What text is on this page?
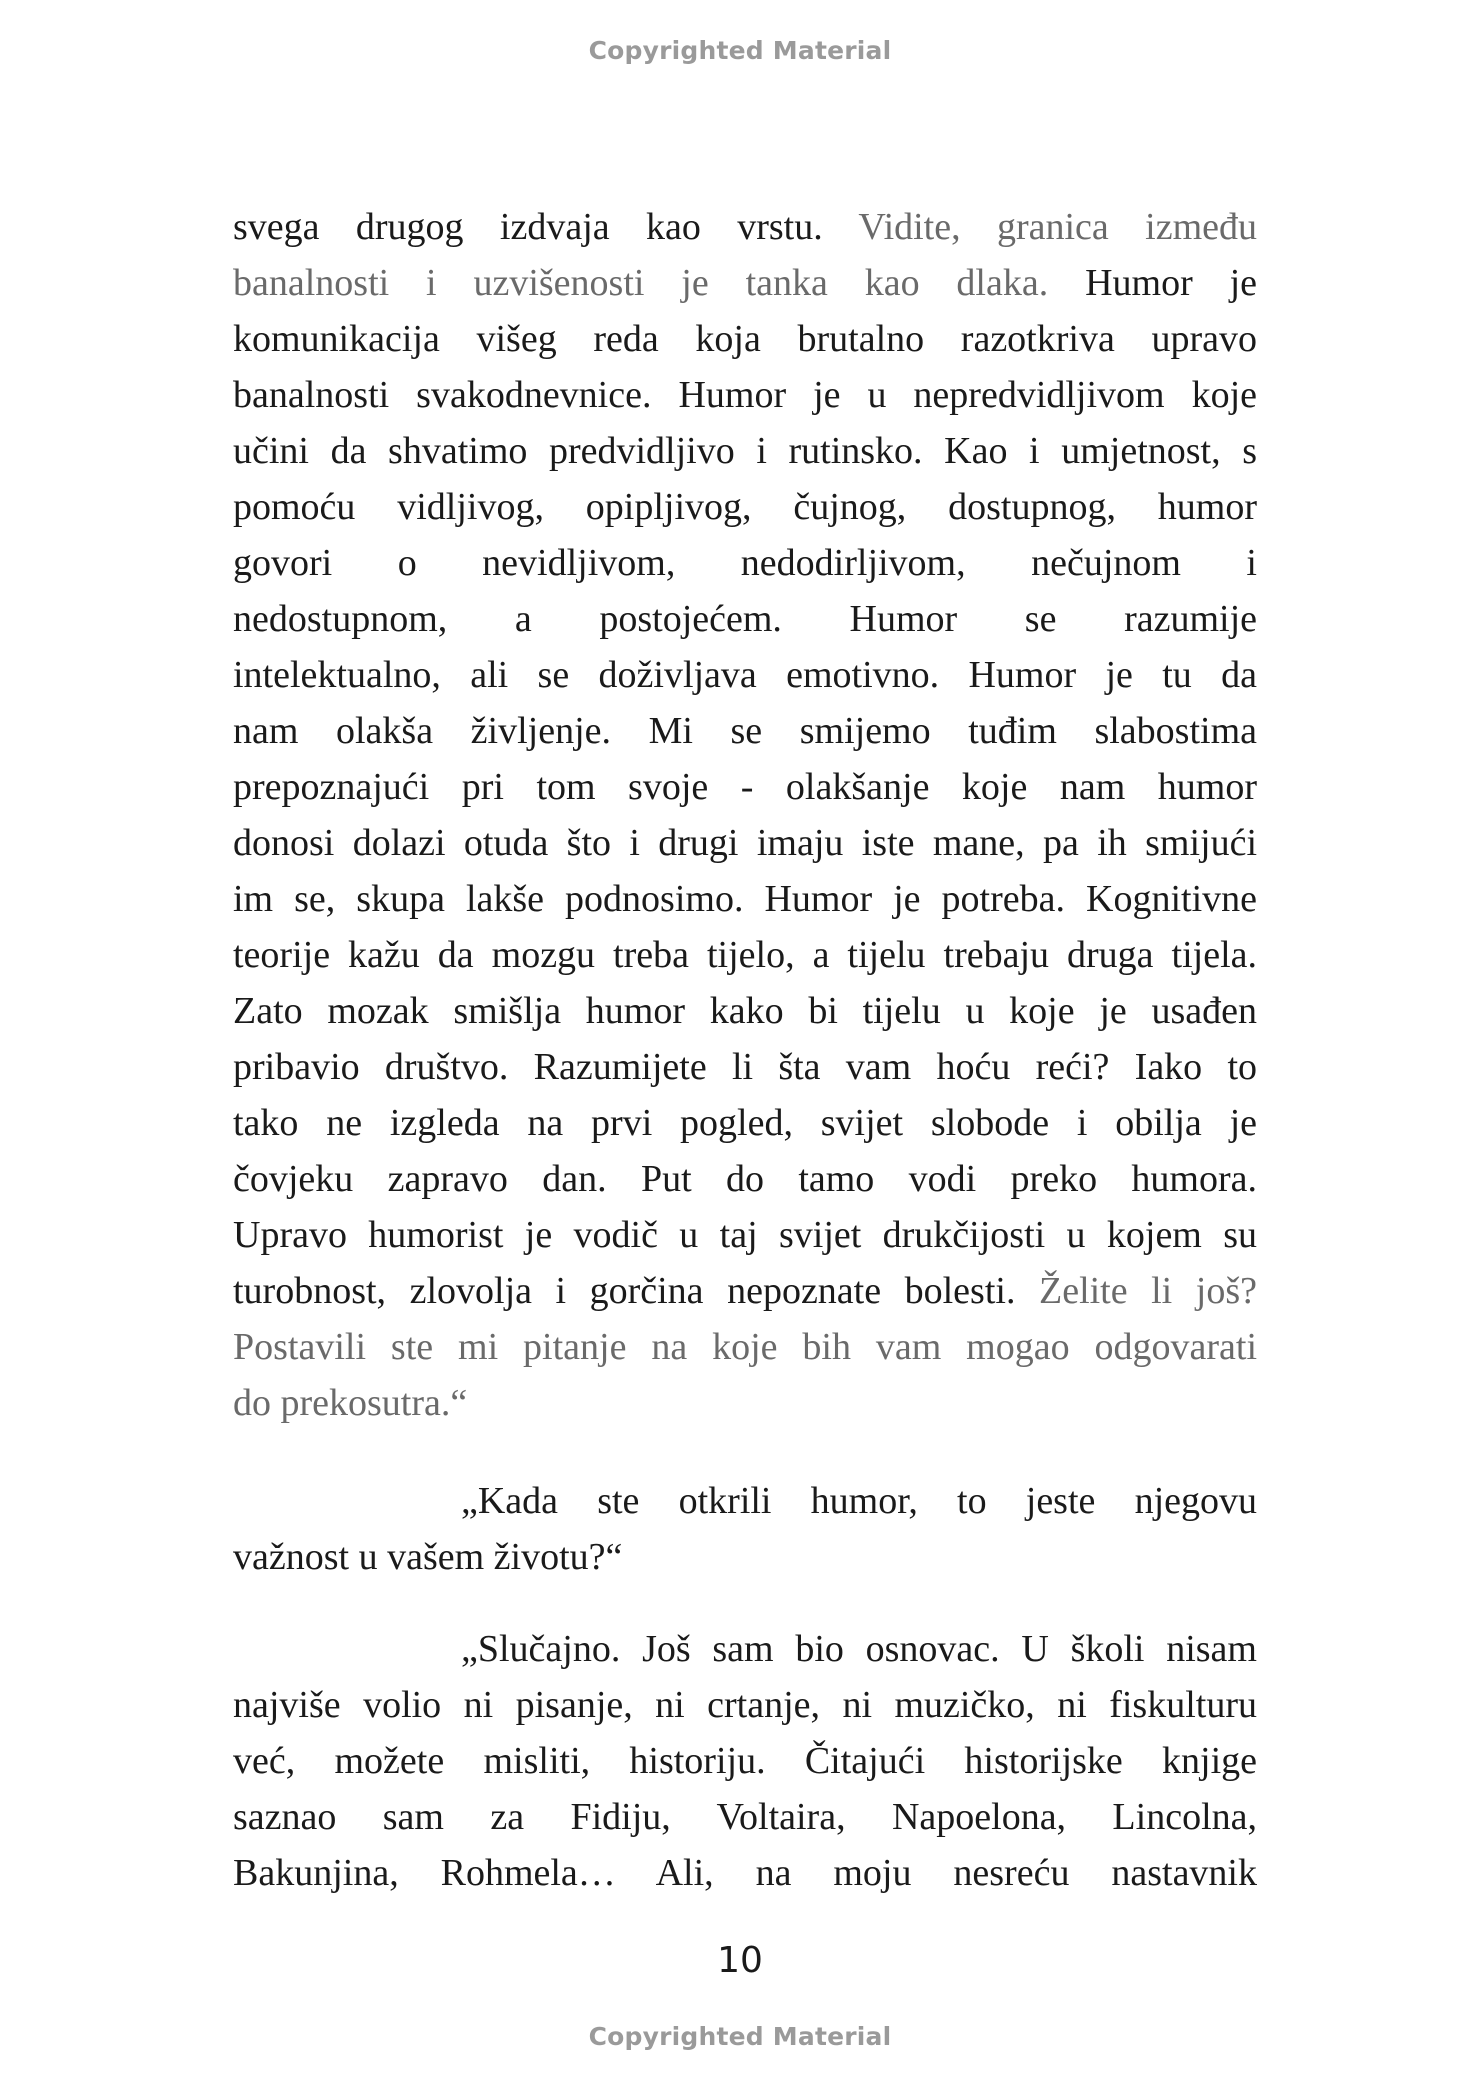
Copyrighted Material
svega drugog izdvaja kao vrstu. Vidite, granica između
banalnosti i uzvišenosti je tanka kao dlaka. Humor je
komunikacija višeg reda koja brutalno razotkriva upravo
banalnosti svakodnevnice. Humor je u nepredvidljivom koje
učini da shvatimo predvidljivo i rutinsko. Kao i umjetnost, s
pomoću vidljivog, opipljivog, čujnog, dostupnog, humor
govori o nevidljivom, nedodirljivom, nečujnom i
nedostupnom, a postojećem. Humor se razumije
intelektualno, ali se doživljava emotivno. Humor je tu da
nam olakša življenje. Mi se smijemo tuđim slabostima
prepoznajući pri tom svoje - olakšanje koje nam humor
donosi dolazi otuda što i drugi imaju iste mane, pa ih smijući
im se, skupa lakše podnosimo. Humor je potreba. Kognitivne
teorije kažu da mozgu treba tijelo, a tijelu trebaju druga tijela.
Zato mozak smišlja humor kako bi tijelu u koje je usađen
pribavio društvo. Razumijete li šta vam hoću reći? Iako to
tako ne izgleda na prvi pogled, svijet slobode i obilja je
čovjeku zapravo dan. Put do tamo vodi preko humora.
Upravo humorist je vodič u taj svijet drukčijosti u kojem su
turobnost, zlovolja i gorčina nepoznate bolesti. Želite li još?
Postavili ste mi pitanje na koje bih vam mogao odgovarati
do prekosutra.“
„Kada ste otkrili humor, to jeste njegovu
važnost u vašem životu?“
„Slučajno. Još sam bio osnovac. U školi nisam
najviše volio ni pisanje, ni crtanje, ni muzičko, ni fiskulturu
već, možete misliti, historiju. Čitajući historijske knjige
saznao sam za Fidiju, Voltaira, Napoelona, Lincolna,
Bakunjina, Rohmela… Ali, na moju nesreću nastavnik
10
Copyrighted Material
